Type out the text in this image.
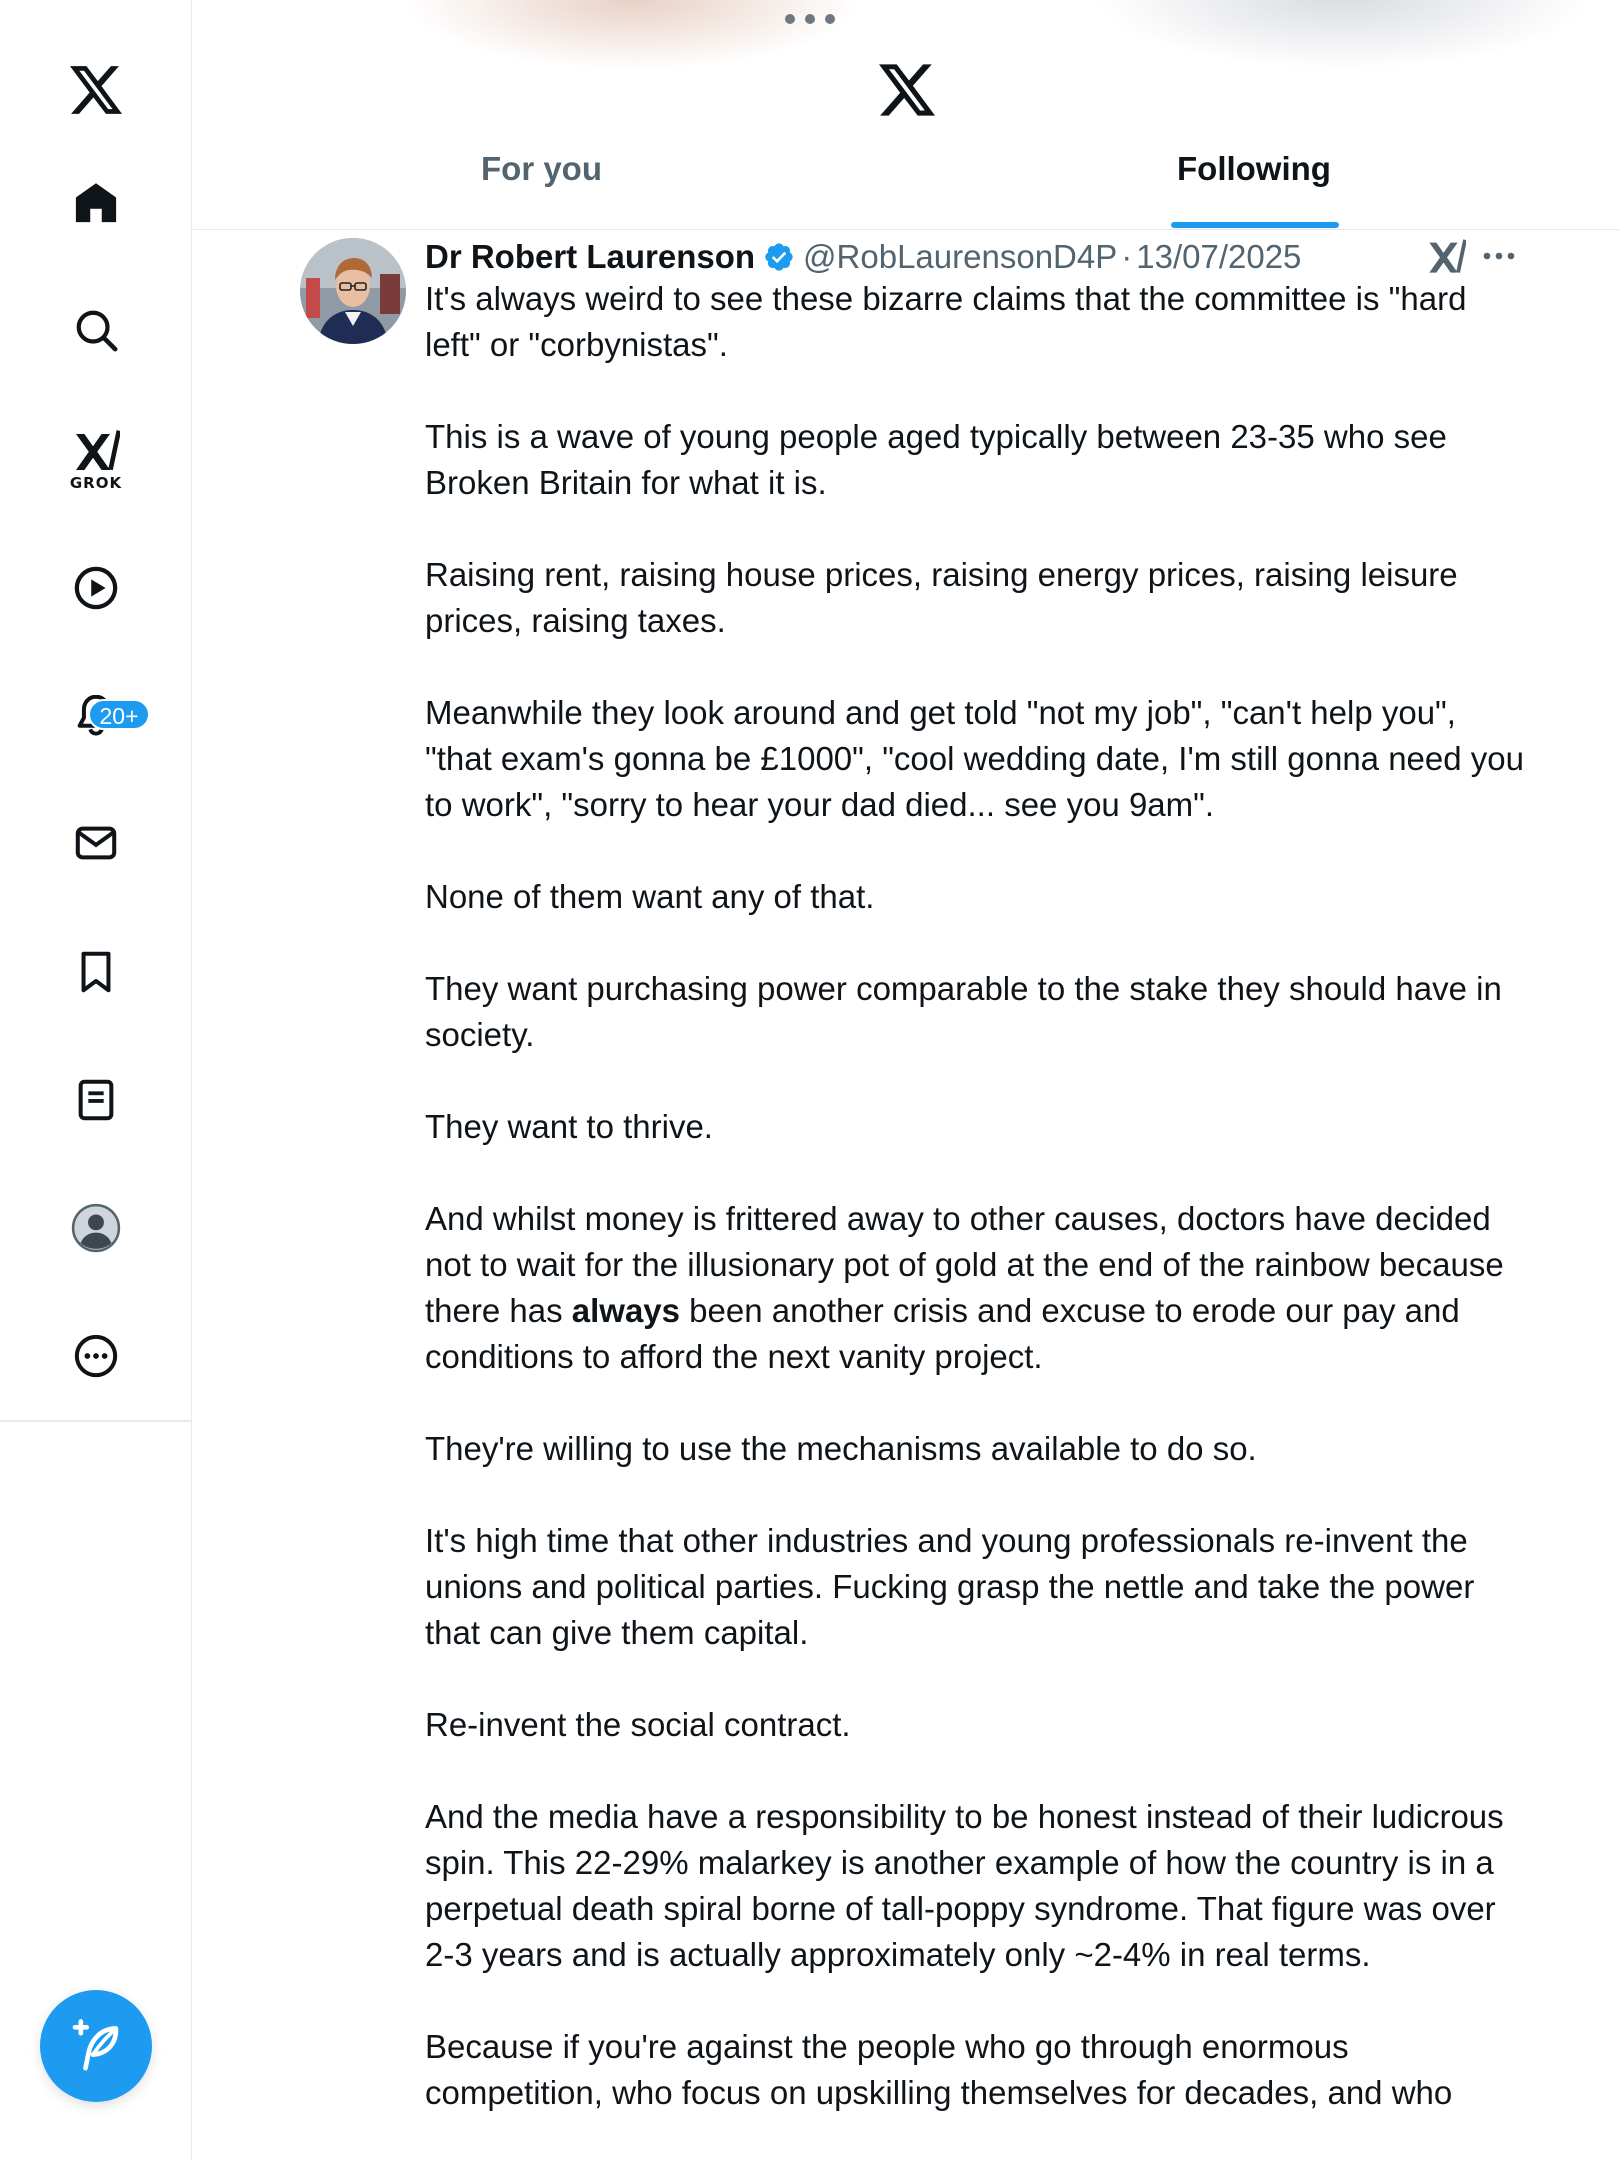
GROK
20+
For you	Following
Dr Robert Laurenson @RobLaurensonD4P · 13/07/2025

It's always weird to see these bizarre claims that the committee is "hard left" or "corbynistas".

This is a wave of young people aged typically between 23-35 who see Broken Britain for what it is.

Raising rent, raising house prices, raising energy prices, raising leisure prices, raising taxes.

Meanwhile they look around and get told "not my job", "can't help you", "that exam's gonna be £1000", "cool wedding date, I'm still gonna need you to work", "sorry to hear your dad died... see you 9am".

None of them want any of that.

They want purchasing power comparable to the stake they should have in society.

They want to thrive.

And whilst money is frittered away to other causes, doctors have decided not to wait for the illusionary pot of gold at the end of the rainbow because there has always been another crisis and excuse to erode our pay and conditions to afford the next vanity project.

They're willing to use the mechanisms available to do so.

It's high time that other industries and young professionals re-invent the unions and political parties. Fucking grasp the nettle and take the power that can give them capital.

Re-invent the social contract.

And the media have a responsibility to be honest instead of their ludicrous spin. This 22-29% malarkey is another example of how the country is in a perpetual death spiral borne of tall-poppy syndrome. That figure was over 2-3 years and is actually approximately only ~2-4% in real terms.

Because if you're against the people who go through enormous competition, who focus on upskilling themselves for decades, and who
